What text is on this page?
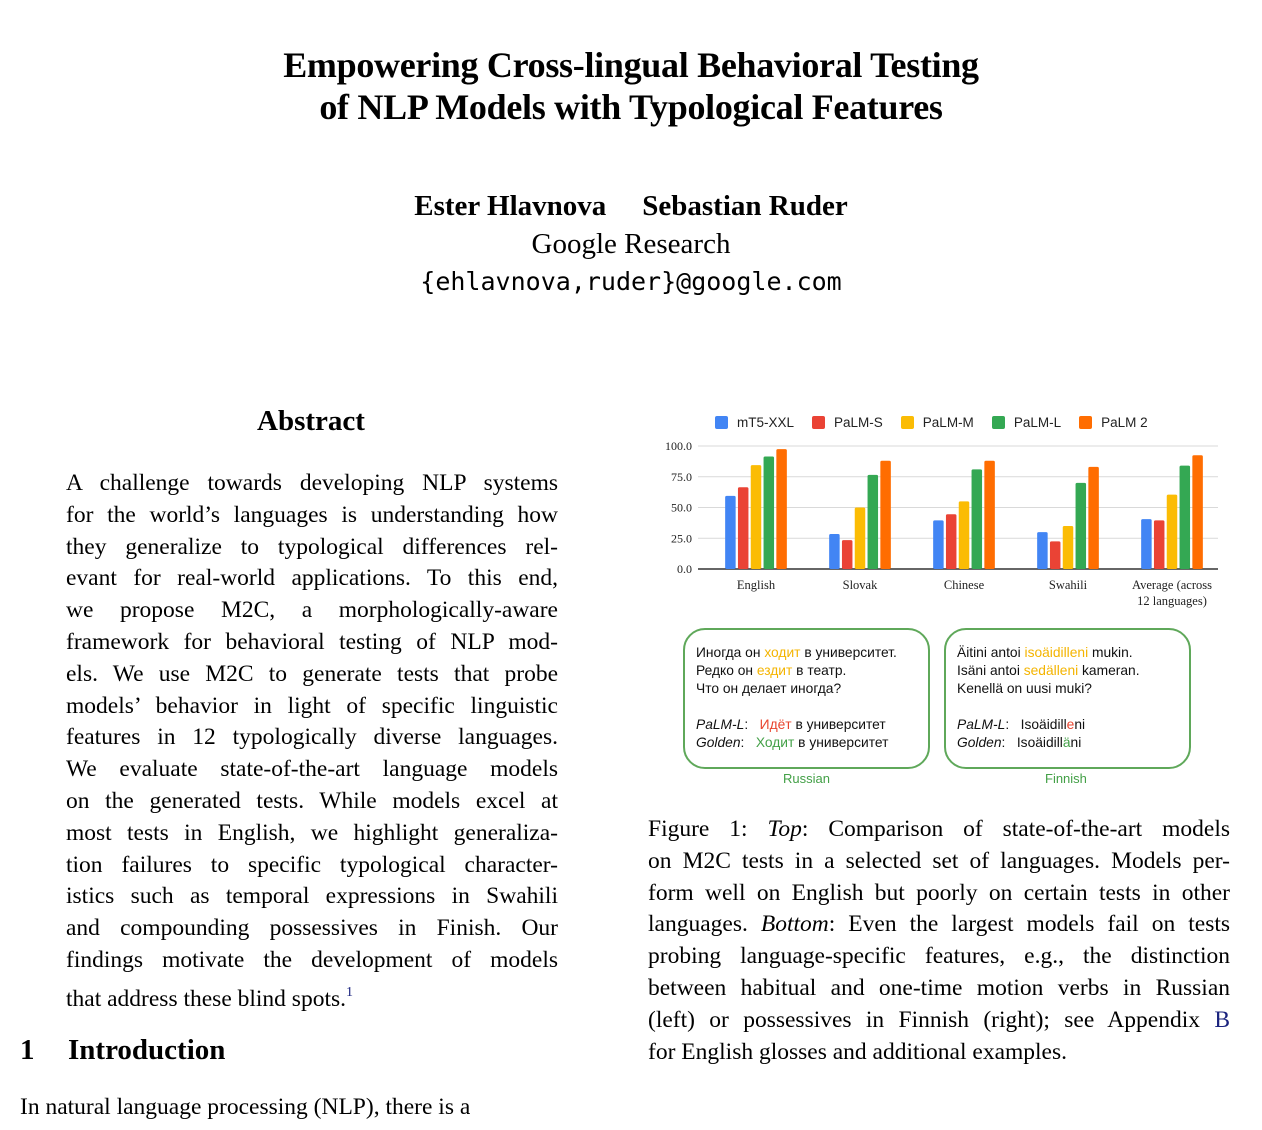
Empowering Cross-lingual Behavioral Testing
of NLP Models with Typological Features
Ester Hlavnova Sebastian Ruder
Google Research
{ehlavnova,ruder}@google.com
Abstract
A challenge towards developing NLP systems
for the world’s languages is understanding how
they generalize to typological differences rel-
evant for real-world applications. To this end,
we propose M2C, a morphologically-aware
framework for behavioral testing of NLP mod-
els. We use M2C to generate tests that probe
models’ behavior in light of specific linguistic
features in 12 typologically diverse languages.
We evaluate state-of-the-art language models
on the generated tests. While models excel at
most tests in English, we highlight generaliza-
tion failures to specific typological character-
istics such as temporal expressions in Swahili
and compounding possessives in Finish. Our
findings motivate the development of models
that address these blind spots.$^1$
1 Introduction
In natural language processing (NLP), there is a
mT5-XXL	PaLM-S	PaLM-M	PaLM-L	PaLM 2
0.0
25.0
50.0
75.0
100.0
English	Slovak	Chinese	Swahili	Average (across
12 languages)
Иногда он ходит в университет.
Редко он ездит в театр.
Что он делает иногда?
PaLM-L:   Идёт в университет
Golden:   Ходит в университет
Russian
Äitini antoi isoäidilleni mukin.
Isäni antoi sedälleni kameran.
Kenellä on uusi muki?
PaLM-L:   Isoäidilleni
Golden:   Isoäidilläni
Finnish
Figure 1: Top: Comparison of state-of-the-art models
on M2C tests in a selected set of languages. Models per-
form well on English but poorly on certain tests in other
languages. Bottom: Even the largest models fail on tests
probing language-specific features, e.g., the distinction
between habitual and one-time motion verbs in Russian
(left) or possessives in Finnish (right); see Appendix B
for English glosses and additional examples.
